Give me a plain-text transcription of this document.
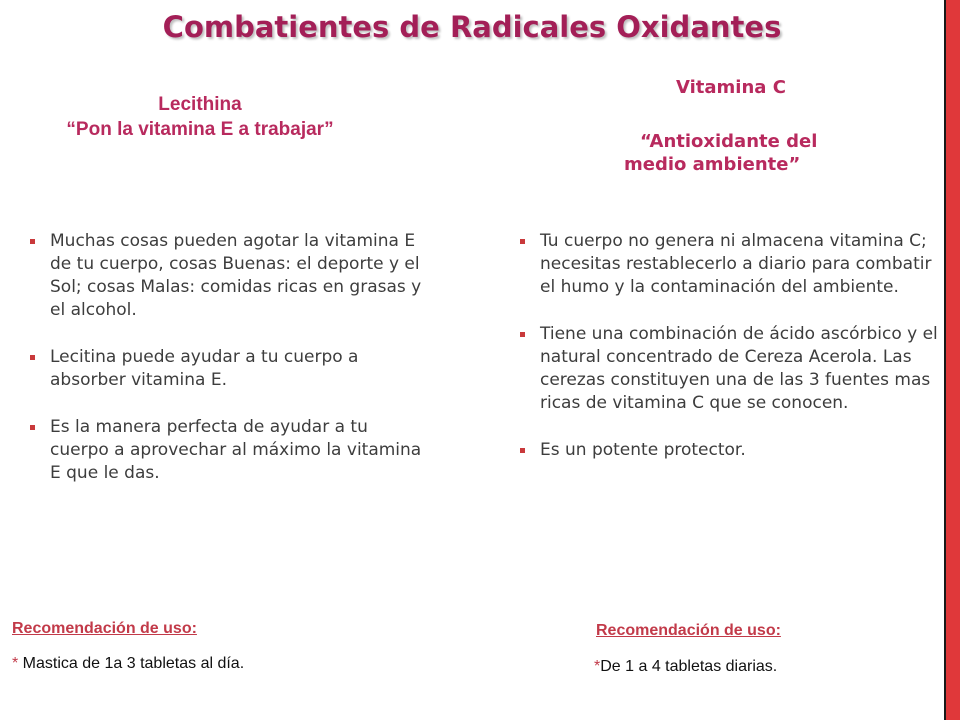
Combatientes de Radicales Oxidantes
Lecithina
“Pon la vitamina E a trabajar”
Vitamina C
“Antioxidante del
medio ambiente”
Muchas cosas pueden agotar la vitamina E de tu cuerpo, cosas Buenas: el deporte y el Sol; cosas Malas: comidas ricas en grasas y el alcohol.
Lecitina puede ayudar a tu cuerpo a absorber vitamina E.
Es la manera perfecta de ayudar a tu cuerpo a aprovechar al máximo la vitamina E que le das.
Tu cuerpo no genera ni almacena vitamina C; necesitas restablecerlo a diario para combatir el humo y la contaminación del ambiente.
Tiene una combinación de ácido ascórbico y el natural concentrado de Cereza Acerola. Las cerezas constituyen una de las 3 fuentes mas ricas de vitamina C que se conocen.
Es un potente protector.
Recomendación de uso:
* Mastica de 1a 3 tabletas al día.
Recomendación de uso:
*De 1 a 4 tabletas diarias.
